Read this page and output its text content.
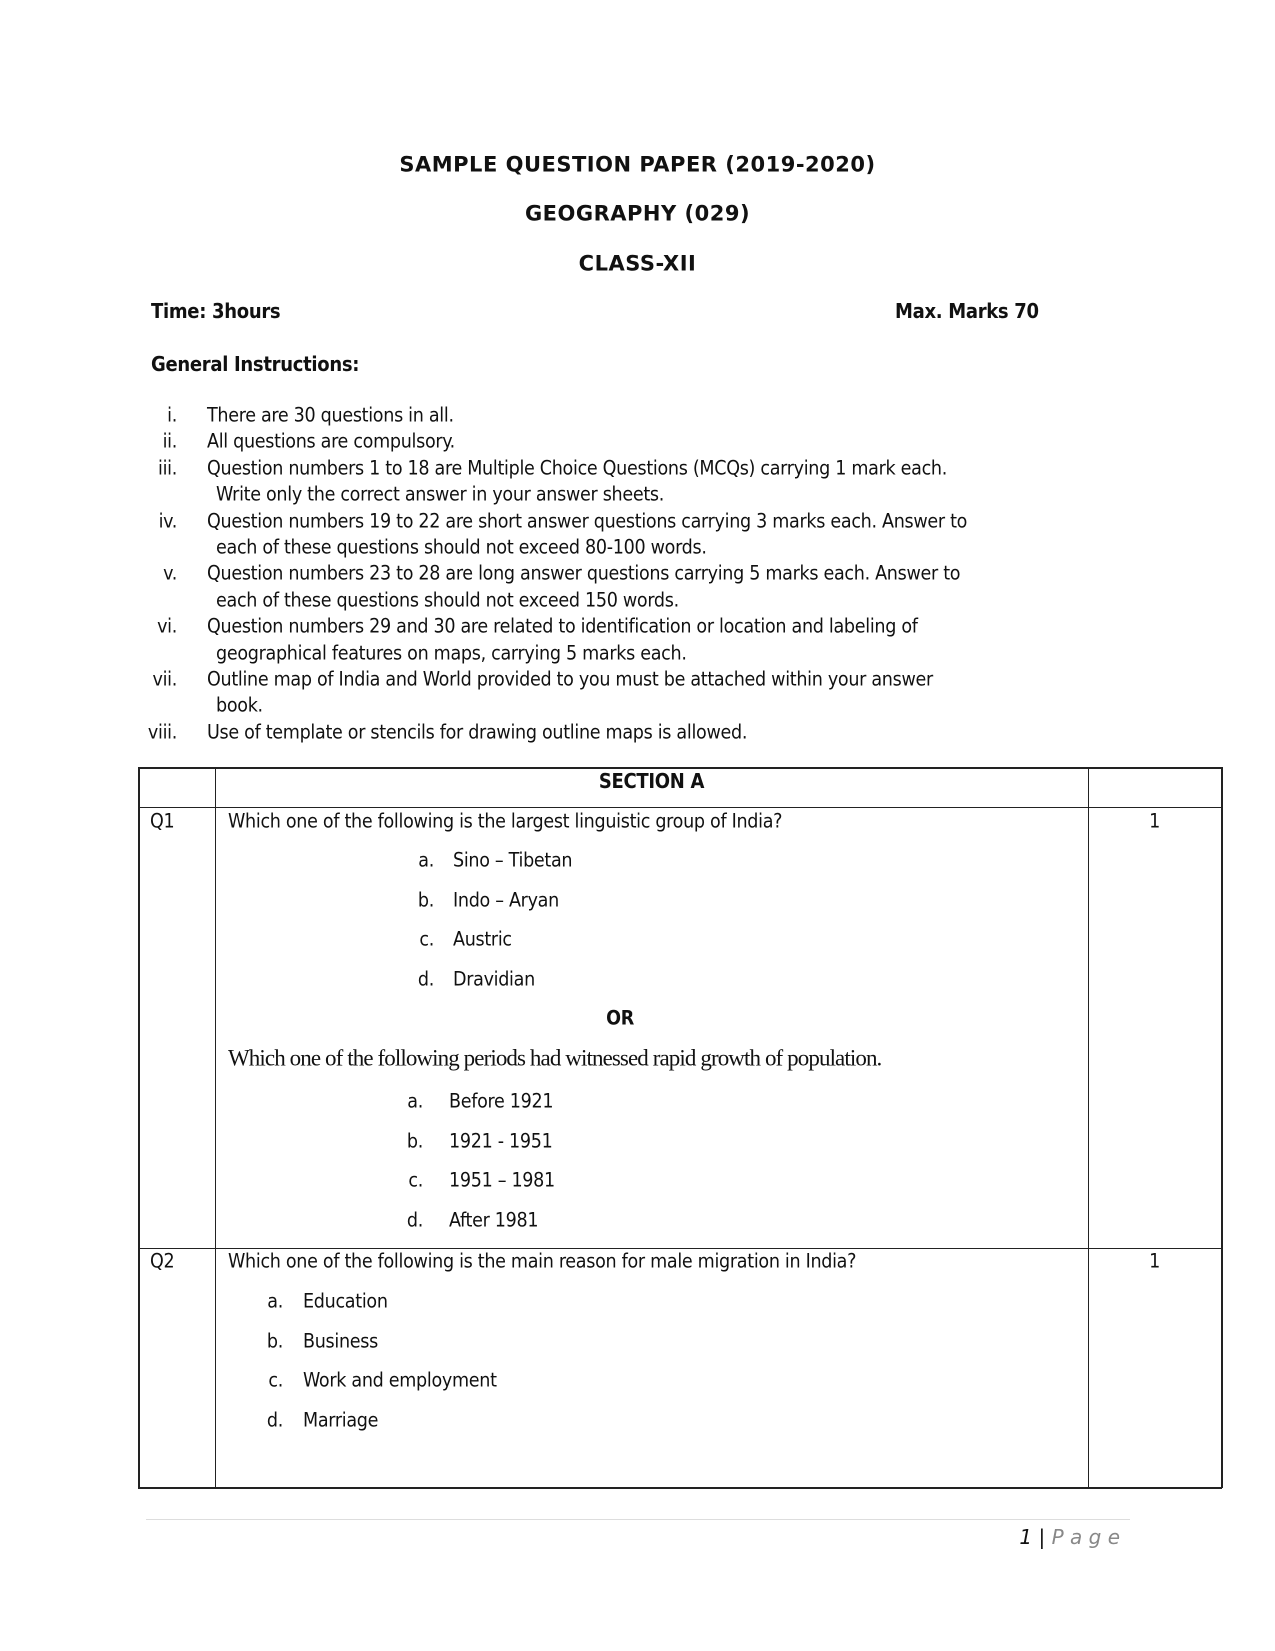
SAMPLE QUESTION PAPER (2019-2020)
GEOGRAPHY (029)
CLASS-XII
Time: 3hours	Max. Marks 70
General Instructions:
i. There are 30 questions in all.
ii. All questions are compulsory.
iii. Question numbers 1 to 18 are Multiple Choice Questions (MCQs) carrying 1 mark each.
Write only the correct answer in your answer sheets.
iv. Question numbers 19 to 22 are short answer questions carrying 3 marks each. Answer to
each of these questions should not exceed 80-100 words.
v. Question numbers 23 to 28 are long answer questions carrying 5 marks each. Answer to
each of these questions should not exceed 150 words.
vi. Question numbers 29 and 30 are related to identification or location and labeling of
geographical features on maps, carrying 5 marks each.
vii. Outline map of India and World provided to you must be attached within your answer
book.
viii. Use of template or stencils for drawing outline maps is allowed.
SECTION A
Q1	Which one of the following is the largest linguistic group of India?	1
a. Sino – Tibetan
b. Indo – Aryan
c. Austric
d. Dravidian
OR
Which one of the following periods had witnessed rapid growth of population.
a. Before 1921
b. 1921 - 1951
c. 1951 – 1981
d. After 1981
Q2	Which one of the following is the main reason for male migration in India?	1
a. Education
b. Business
c. Work and employment
d. Marriage
1 | P a g e
